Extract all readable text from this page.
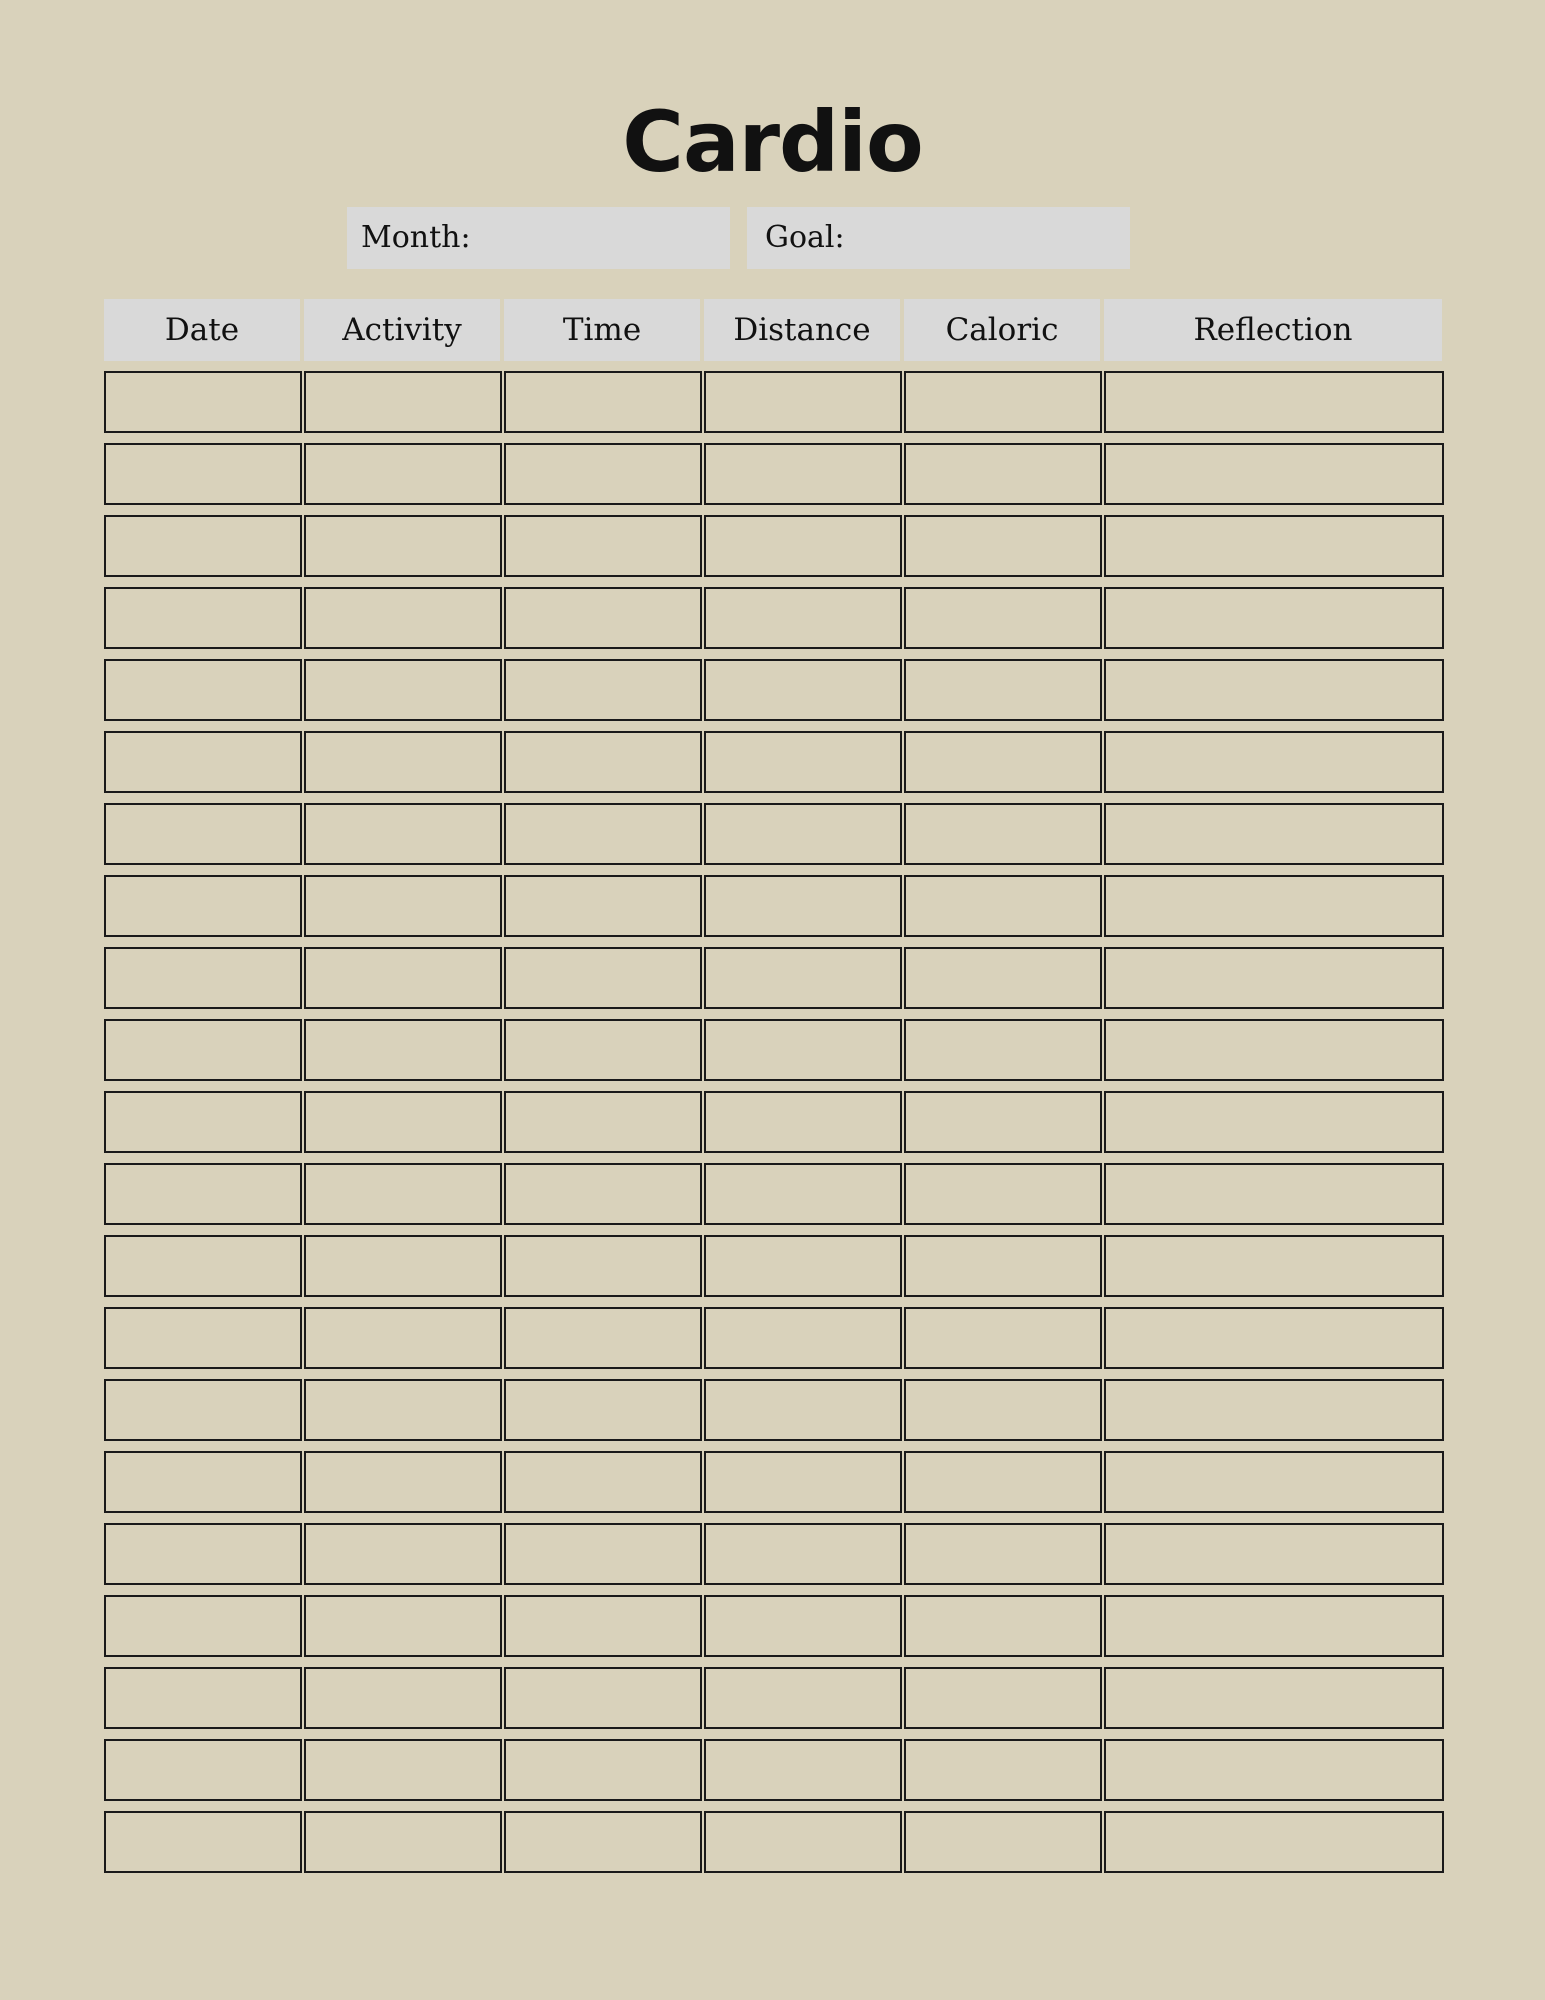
Cardio
Month:	Goal:
Date	Activity	Time	Distance	Caloric	Reflection
